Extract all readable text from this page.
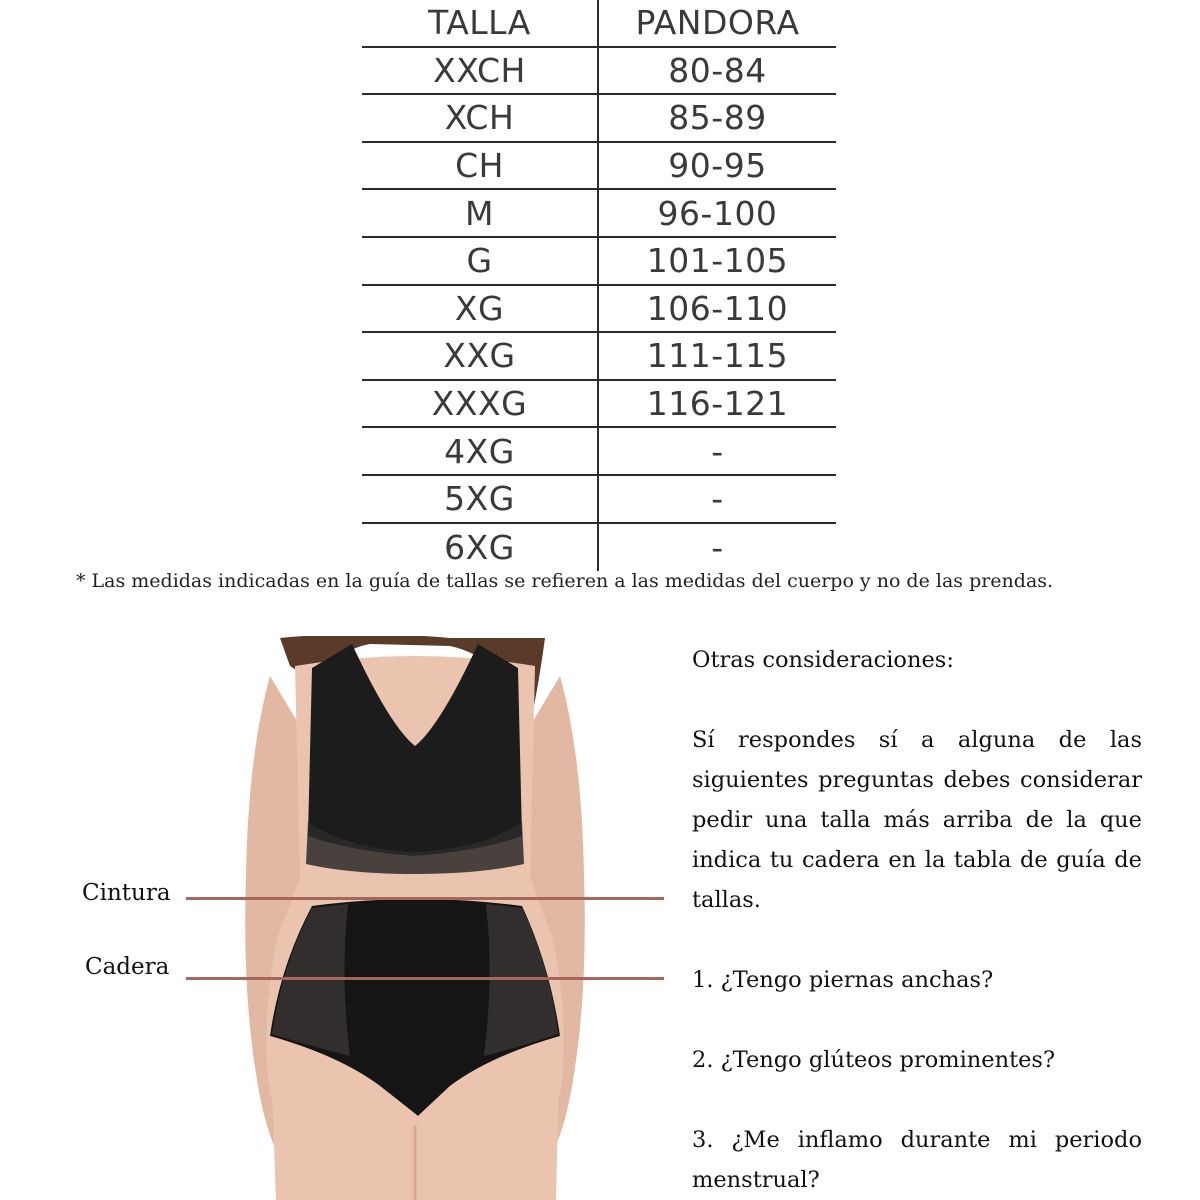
TALLA	PANDORA
XXCH	80-84
XCH	85-89
CH	90-95
M	96-100
G	101-105
XG	106-110
XXG	111-115
XXXG	116-121
4XG	-
5XG	-
6XG	-
* Las medidas indicadas en la guía de tallas se refieren a las medidas del cuerpo y no de las prendas.
Cintura
Cadera

Otras consideraciones:

Sí respondes sí a alguna de las siguientes preguntas debes considerar pedir una talla más arriba de la que indica tu cadera en la tabla de guía de tallas.

1. ¿Tengo piernas anchas?

2. ¿Tengo glúteos prominentes?

3. ¿Me inflamo durante mi periodo menstrual?
